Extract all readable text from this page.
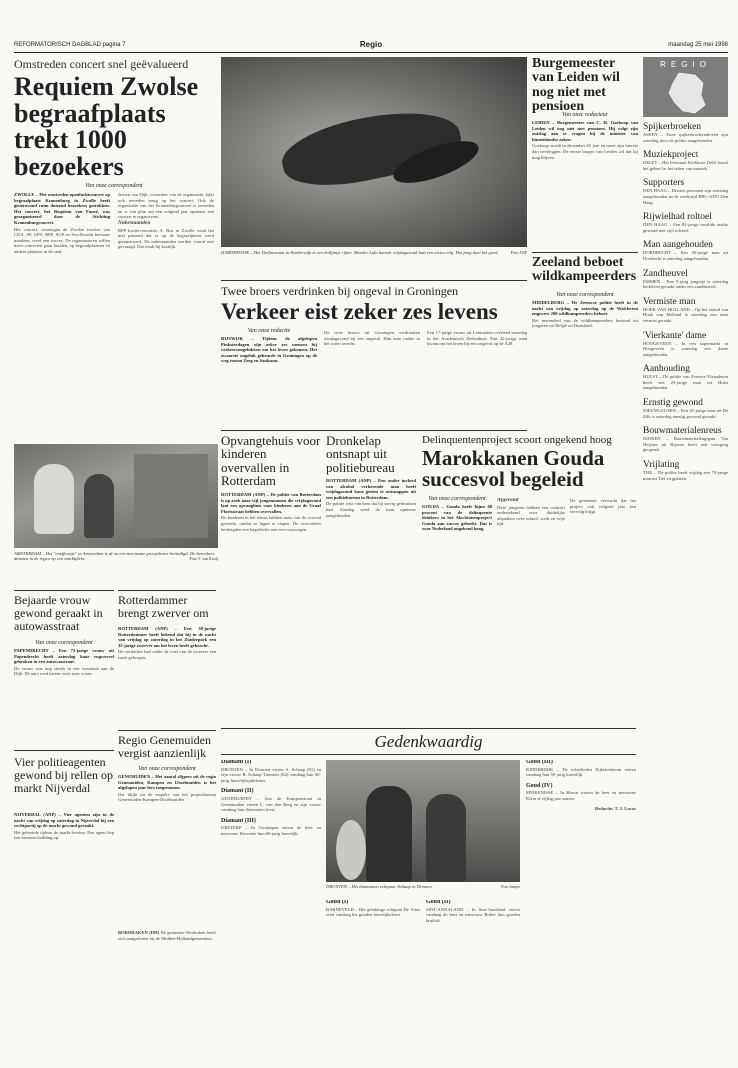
REFORMATORISCH DAGBLAD pagina 7	Regio	maandag 25 mei 1998
Omstreden concert snel geëvalueerd
Requiem Zwolse begraafplaats trekt 1000 bezoekers
Van onze correspondent

ZWOLLE – Het omstreden openluchtconcert op begraafplaats Kranenburg in Zwolle heeft gisteravond ruim duizend bezoekers getrokken. Het concert, het Requiem van Fauré, was georganiseerd door de Stichting Kranenburgconcert.

Het concert, waartegen de Zwolse fracties van CDA, SP, GPV, RPF, SGP en Swollwacht bezwaar maakten, werd een succes. De organisatoren willen meer concerten gaan houden, op begraafplaatsen en andere plaatsen in de stad.

Jeroen van Dijk, voorzitter van de organisatie, kijkt ook tevreden terug op het concert. Ook de organisatie van het Kranenburgconcert is tevreden en is van plan om een volgend jaar opnieuw een concert te organiseren.

Nabestaanden

RPF-fractievoorzitter A. Bos in Zwolle vond het niet passend dat er op de begraafplaats werd gemusiceerd. De nabestaanden werden vooraf niet gevraagd. Dat vindt hij kwalijk.

AMSTERDAM – Het "eindfeestje" in Amsterdam is al na een moeizame groepsbeurt beëindigd. De bezoekers dansten in de regen op een marktplein.	Foto V. van Kooij
HARDERWIJK – Het Dolfinarium in Harderwijk is een dolfijntje rijker. Moeder Lulu baarde vrijdagavond laat een nieuw telg. Het jong doet het goed.	Foto ANP
Twee broers verdrinken bij ongeval in Groningen
Verkeer eist zeker zes levens
Van onze redactie

RIJSWIJK – Tijdens de afgelopen Pinksterdagen zijn zeker zes mensen bij verkeersongelukken om het leven gekomen. Het zwaarste ongeluk gebeurde in Groningen op de weg tussen Zeeg en Saaksum.

De twee broers uit Groningen verdronken zondagavond bij een ongeval. Hun auto raakte in het water terecht.

Een 17-jarige vrouw uit Leimuiden overleed zaterdag in het Academisch Ziekenhuis. Een 42-jarige man kwam om het leven bij een ongeval op de A28.

Opvangtehuis voor kinderen overvallen in Rotterdam

ROTTERDAM (ANP) – De politie van Rotterdam is op zoek naar vijf jongemannen die vrijdagavond laat een opvanghuis voor kinderen aan de Graaf Florisstraat hebben overvallen.

De kinderen in het tehuis hebben niets van de overval gemerkt, omdat ze lagen te slapen. De overvallers bedreigden een begeleider met een vuurwapen.

Dronkelap ontsnapt uit politiebureau

ROTTERDAM (ANP) – Een onder invloed van alcohol verkerende man heeft vrijdagavond kans gezien te ontsnappen uit een politiebureau in Rotterdam.

De politie wist van hem dat hij stevig gedronken had. Zondag werd de man opnieuw aangehouden.

Delinquentenproject scoort ongekend hoog
Marokkanen Gouda succesvol begeleid
Van onze correspondent

GOUDA – Gouda heeft bijna 40 procent van de delinquente drinkers in het Alochtonenproject Gouda aan succes geboekt. Dat is voor Nederland ongekend hoog.

Afgerond

Deze jongeren hebben een contract ondertekend voor duidelijke afspraken over school, werk en vrije tijd.

De gemeente verwacht dat het project ook volgend jaar een vervolg krijgt.

Burgemeester van Leiden wil nog niet met pensioen
Van onze redacteur

LEIDEN – Burgemeester van C. H. Goekoop van Leiden wil nog niet met pensioen. Hij volgt zijn ontslag aan te vragen bij de minister van binnenlandse zaken.

Goekoop wordt in december 65 jaar en moet zijn functie dan neerleggen. De eerste burger van Leiden wil dat hij mag blijven.

Zeeland beboet wildkampeerders
Van onze correspondent

MIDDELBURG – De Zeeuwse politie heeft in de nacht van vrijdag op zaterdag op de Walcheren ongeveer 200 wildkampeerders beboet.

Het merendeel van de wildkampeerders bestond uit jongeren uit België en Duitsland.

Bejaarde vrouw gewond geraakt in autowasstraat
Van onze correspondent

PAPENDRECHT – Een 72-jarige vrouw uit Papendrecht heeft zaterdag haar rugwervel gebroken in een autowasstraat.

De vrouw was nog steeds in een wasstraat aan de Dijk. De auto reed ineens weer naar voren.

Vier politieagenten gewond bij rellen op markt Nijverdal

NIJVERDAL (ANP) – Vier agenten zijn in de nacht van vrijdag op zaterdag in Nijverdal bij een vechtpartij op de markt gewond geraakt.

Het gebeurde tijdens de markt-feesten. Een agent liep een hersenschudding op.

Rotterdammer brengt zwerver om

ROTTERDAM (ANP) – Een 38-jarige Rotterdammer heeft bekend dat hij in de nacht van vrijdag op zaterdag in het Zuiderpark een 35-jarige zwerver om het leven heeft gebracht.

De verdachte had onder de voet van de zwerver een ruzie gekregen.

Regio Genemuiden vergist aanzienlijk
Van onze correspondent

GENEMUIDEN – Het aantal slijpers uit de regio Genemuiden, Kampen en IJsselmuiden is het afgelopen jaar fors toegenomen.

Dat blijkt uit de enquête van het projectbureau Genemuiden-Kampen-IJsselmuiden.

BORDRAKEN (DH) De gemeente Bordraken heeft zich aangesloten bij de Midden-Hollandgemeenten.

Gedenkwaardig

Diamant (I)

DRONTEN – In Dronten vieren A. Schaap (81) en zijn vrouw B. Schaap-Timmers (82) vandaag hun 60-jarig huwelijksjubileum.

Diamant (II)

GENEMUIDEN – Aan de Kampenstraat in Genemuiden vieren L. van den Berg en zijn vrouw vandaag hun diamanten feest.

Diamant (III)

URETERP – In Groningen vieren de heer en mevrouw Hovenier hun 60-jarig huwelijk.

DRONTEN – Het diamanten echtpaar Schaap in Dronten.	Foto Jumpe

Goud (I)

BARNEVELD – Het gelukkige echtpaar De Vries viert vandaag het gouden huwelijksfeest.

Goud (II)

SINT-ANNALAND – In Sint-Annaland vieren vandaag de heer en mevrouw Bolier hun gouden bruiloft.

Goud (III)

KINDERDIJK – De echtelieden Eijkelenboom vieren vandaag hun 50-jarig huwelijk.

Goud (IV)

SPIJKENISSE – In Hoorn wonen de heer en mevrouw Klein al vijftig jaar samen.

Redactie: T. J. Lucas

REGIO
Spijkerbroeken
ASSEN – Twee spijkerbroekendieven zijn zaterdag door de politie aangehouden.
Muziekproject
DELFT – Het Ietsvanal Kerkkoor Delft houdt het geheel in het teken van muziek.
Supporters
DEN HAAG – Dertien personen zijn zaterdag aangehouden na de wedstrijd RBC-ADO Den Haag.
Rijwielhad roltoel
DEN HAAG – Een 81-jarige invalide raakte gewond met zijn rolstoel.
Man aangehouden
DORDRECHT – Een 30-jarige man uit Dordrecht is zaterdag aangehouden.
Zandheuvel
EMMEN – Een 5-jarig jongetje is zaterdag bedolven geraakt onder een zandheuvel.
Vermiste man
HOEK VAN HOLLAND – Op het strand van Hoek van Holland is zaterdag een man vermist geraakt.
'Vierkante' dame
HOOGEVEEN – In een supermarkt in Hoogeveen is zaterdag een dame aangehouden.
Aanhouding
HULST – De politie van Zeeuws-Vlaanderen heeft een 23-jarige man uit Hulst aangehouden.
Ernstig gewond
NIEUWLEUSEN – Een 45-jarige man uit De Zilk is zaterdag ernstig gewond geraakt.
Bouwmaterialenreus
RIJSSEN – Bouwmaterialengigant Van Heijster uit Rijssen heeft een vestiging geopend.
Vrijlating
TIEL – De politie heeft vrijdag een 70-jarige man uit Tiel vrijgelaten.
